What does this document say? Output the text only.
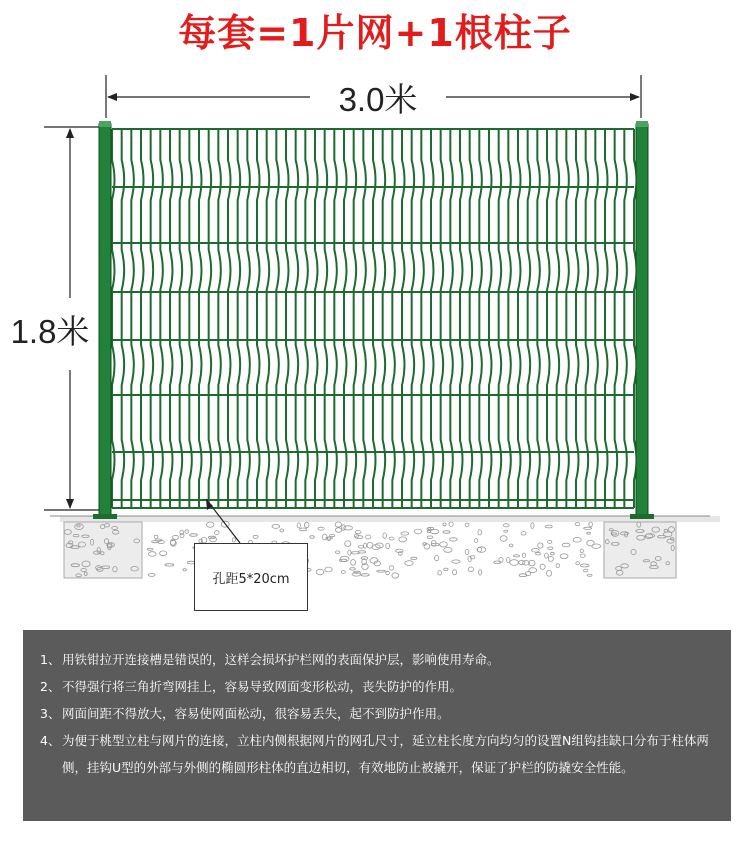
每套=1片网+1根柱子
3.0米
1.8米
孔距5*20cm
1、 用铁钳拉开连接槽是错误的，这样会损坏护栏网的表面保护层，影响使用寿命。
2、 不得强行将三角折弯网挂上，容易导致网面变形松动，丧失防护的作用。
3、 网面间距不得放大，容易使网面松动，很容易丢失，起不到防护作用。
4、 为便于桃型立柱与网片的连接，立柱内侧根据网片的网孔尺寸，延立柱长度方向均匀的设置N组钩挂缺口分布于柱体两侧，挂钩U型的外部与外侧的椭圆形柱体的直边相切，有效地防止被撬开，保证了护栏的防撬安全性能。
